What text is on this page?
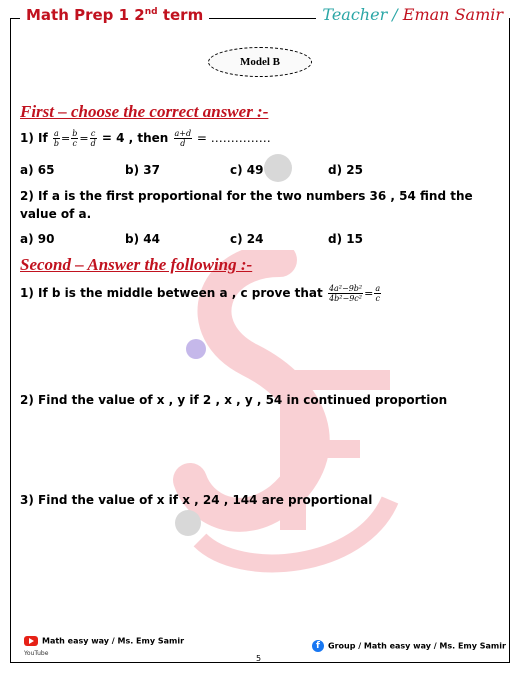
Math Prep 1 2nd term	Teacher / Eman Samir
Model B
First – choose the correct answer :-
1) If $\frac{a}{b} = \frac{b}{c} = \frac{c}{d} = 4$ , then $\frac{a+d}{d}$ = ……………
a) 65	b) 37	c) 49	d) 25
2) If a is the first proportional for the two numbers 36 , 54 find the value of a.
a) 90	b) 44	c) 24	d) 15
Second – Answer the following :-
1) If b is the middle between a , c prove that $\frac{\text{4a²−9b²}}{\text{4b²−9c²}} = \frac{a}{c}$
2) Find the value of x , y if 2 , x , y , 54 in continued proportion
3) Find the value of x if x , 24 , 144 are proportional
Math easy way / Ms. Emy Samir
YouTube
5
f Group / Math easy way / Ms. Emy Samir
